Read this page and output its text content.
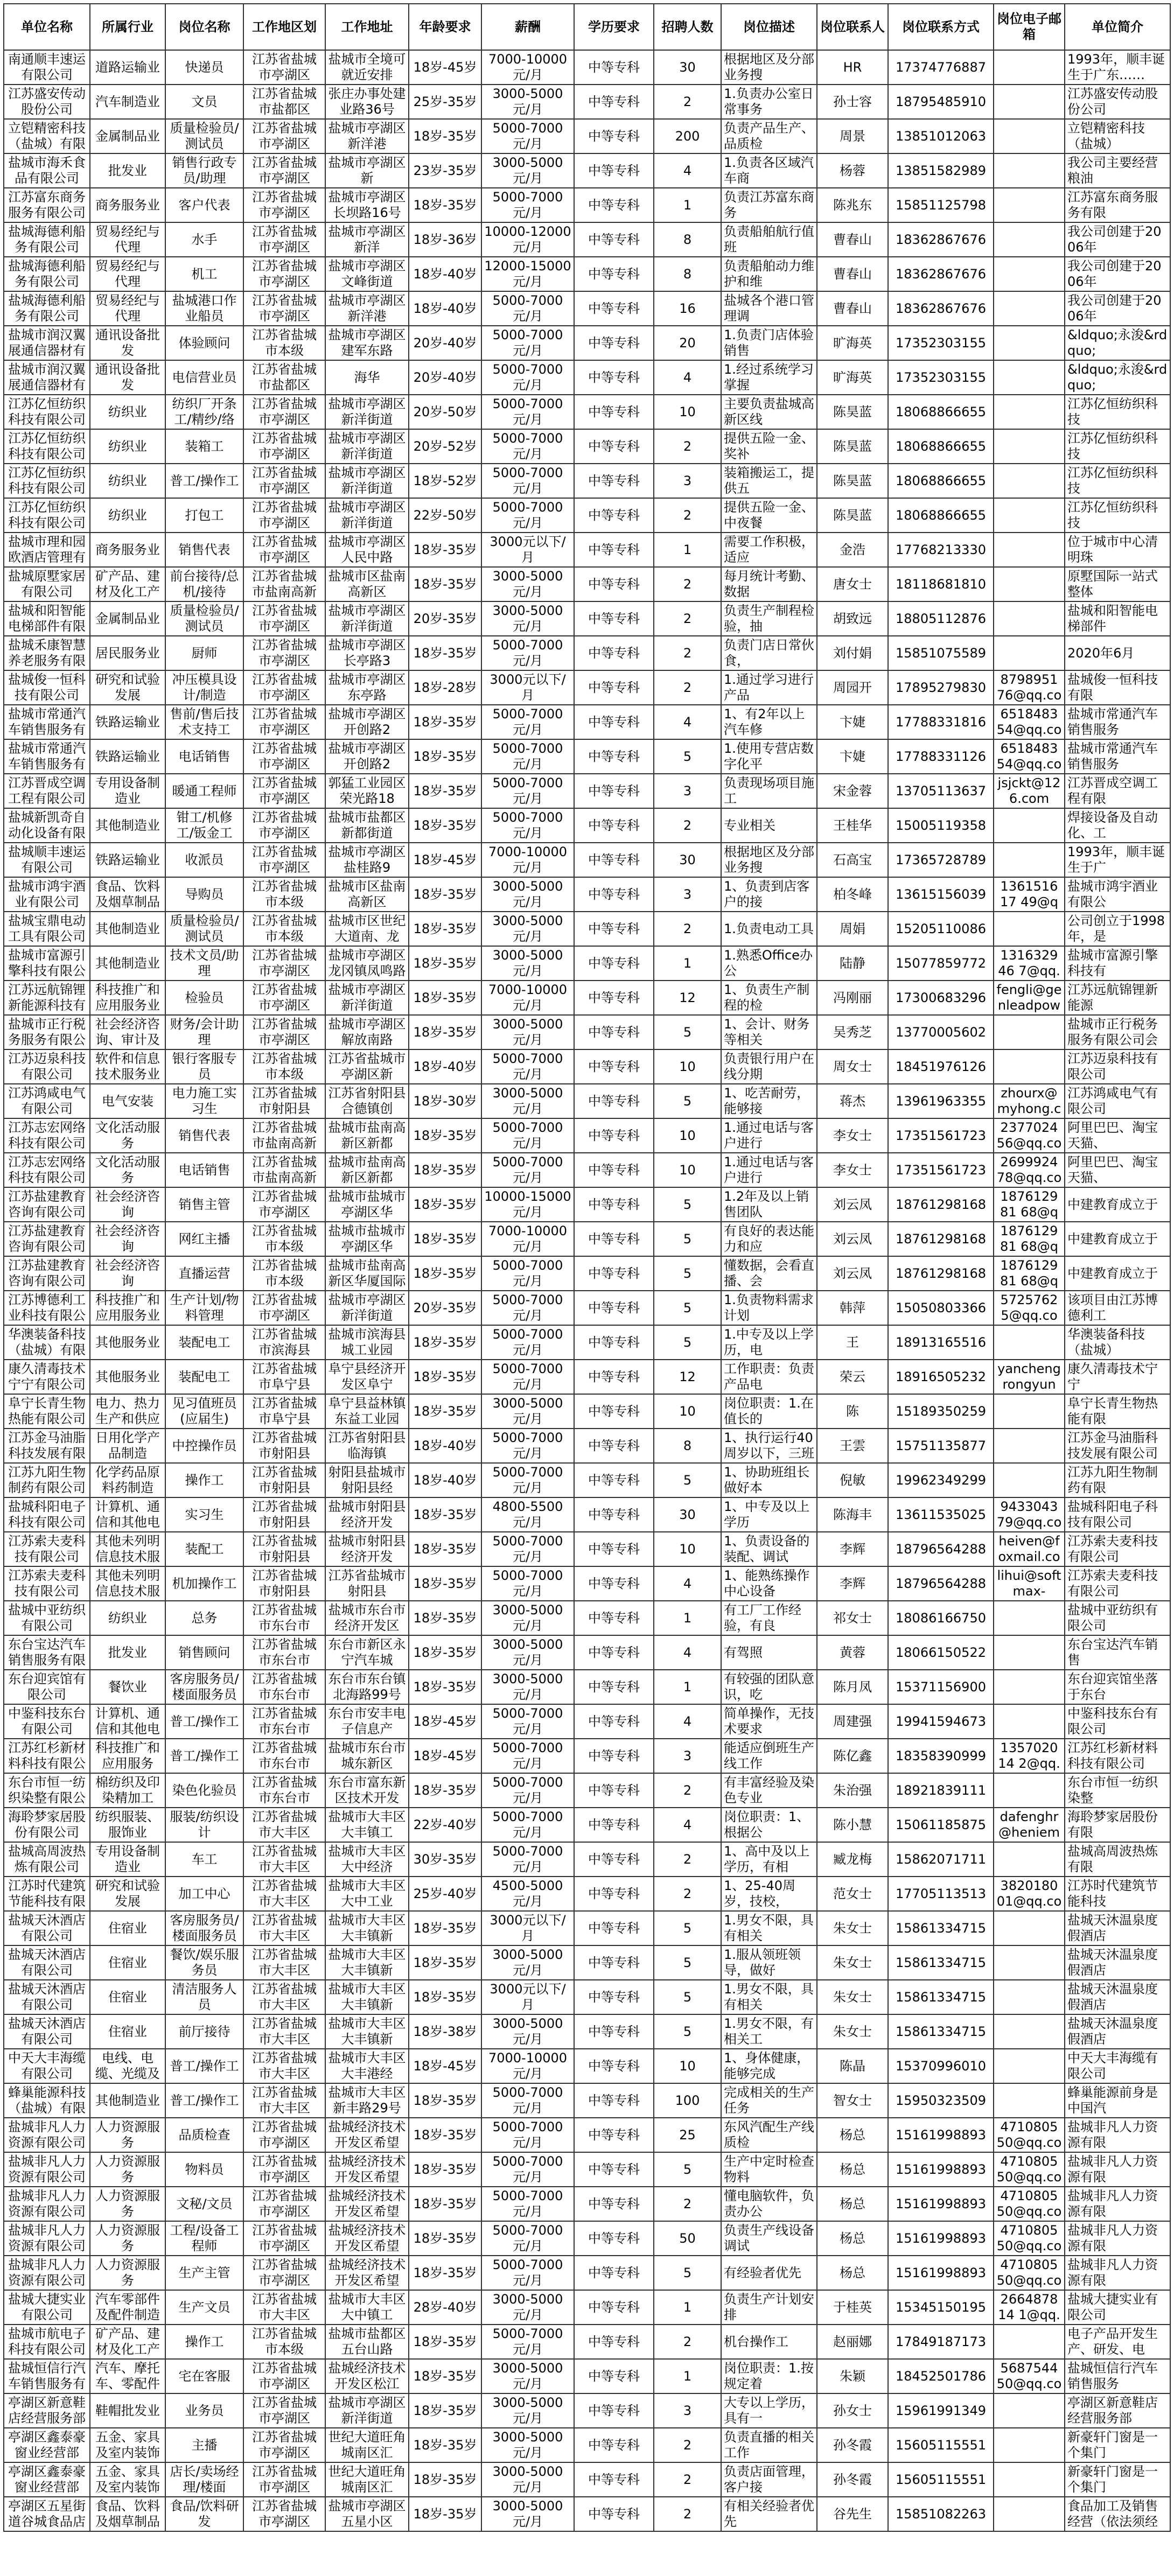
单位名称	所属行业	岗位名称	工作地区划	工作地址	年龄要求	薪酬	学历要求	招聘人数	岗位描述	岗位联系人	岗位联系方式	岗位电子邮箱	单位简介

南通顺丰速运有限公司	道路运输业	快递员	江苏省盐城市亭湖区	盐城市全境可就近安排	18岁-45岁	7000-10000元/月	中等专科	30	根据地区及分部业务搜	HR	17374776887		1993年，顺丰诞生于广东……

江苏盛安传动股份公司	汽车制造业	文员	江苏省盐城市盐都区	张庄办事处建业路36号	25岁-35岁	3000-5000元/月	中等专科	2	1.负责办公室日常事务	孙士容	18795485910		江苏盛安传动股份公司

立铠精密科技（盐城）有限	金属制品业	质量检验员/测试员	江苏省盐城市亭湖区	盐城市亭湖区新洋港	18岁-35岁	5000-7000元/月	中等专科	200	负责产品生产、品质检	周景	13851012063		立铠精密科技（盐城）

盐城市海禾食品有限公司	批发业	销售行政专员/助理	江苏省盐城市亭湖区	盐城市亭湖区新	23岁-35岁	3000-5000元/月	中等专科	4	1.负责各区域汽车商	杨蓉	13851582989		我公司主要经营粮油

江苏富东商务服务有限公司	商务服务业	客户代表	江苏省盐城市亭湖区	盐城市亭湖区长坝路16号	18岁-35岁	5000-7000元/月	中等专科	1	负责江苏富东商务	陈兆东	15851125798		江苏富东商务服务有限

盐城海德利船务有限公司	贸易经纪与代理	水手	江苏省盐城市亭湖区	盐城市亭湖区新洋	18岁-36岁	10000-12000元/月	中等专科	8	负责船舶航行值班	曹春山	18362867676		我公司创建于2006年

盐城海德利船务有限公司	贸易经纪与代理	机工	江苏省盐城市亭湖区	盐城市亭湖区文峰街道	18岁-40岁	12000-15000元/月	中等专科	8	负责船舶动力维护和维	曹春山	18362867676		我公司创建于2006年

盐城海德利船务有限公司	贸易经纪与代理	盐城港口作业船员	江苏省盐城市亭湖区	盐城市亭湖区新洋港	18岁-40岁	5000-7000元/月	中等专科	16	盐城各个港口管理调	曹春山	18362867676		我公司创建于2006年

盐城市润汉翼展通信器材有	通讯设备批发	体验顾问	江苏省盐城市本级	盐城市亭湖区建军东路	20岁-40岁	5000-7000元/月	中等专科	20	1.负责门店体验销售	旷海英	17352303155		&ldquo;永浚&rdquo;

盐城市润汉翼展通信器材有	通讯设备批发	电信营业员	江苏省盐城市盐都区	海华	20岁-40岁	5000-7000元/月	中等专科	4	1.经过系统学习掌握	旷海英	17352303155		&ldquo;永浚&rdquo;

江苏亿恒纺织科技有限公司	纺织业	纺织厂开条工/精纱/络	江苏省盐城市亭湖区	盐城市亭湖区新洋街道	20岁-50岁	5000-7000元/月	中等专科	10	主要负责盐城高新区线	陈昊蓝	18068866655		江苏亿恒纺织科技

江苏亿恒纺织科技有限公司	纺织业	装箱工	江苏省盐城市亭湖区	盐城市亭湖区新洋街道	20岁-52岁	5000-7000元/月	中等专科	2	提供五险一金、奖补	陈昊蓝	18068866655		江苏亿恒纺织科技

江苏亿恒纺织科技有限公司	纺织业	普工/操作工	江苏省盐城市亭湖区	盐城市亭湖区新洋街道	18岁-52岁	5000-7000元/月	中等专科	3	装箱搬运工，提供五	陈昊蓝	18068866655		江苏亿恒纺织科技

江苏亿恒纺织科技有限公司	纺织业	打包工	江苏省盐城市亭湖区	盐城市亭湖区新洋街道	22岁-50岁	5000-7000元/月	中等专科	2	提供五险一金、中夜餐	陈昊蓝	18068866655		江苏亿恒纺织科技

盐城市理和园欧酒店管理有	商务服务业	销售代表	江苏省盐城市亭湖区	盐城市亭湖区人民中路	18岁-35岁	3000元以下/月	中等专科	1	需要工作积极，适应	金浩	17768213330		位于城市中心清明珠

盐城原墅家居有限公司	矿产品、建材及化工产	前台接待/总机/接待	江苏省盐城市盐南高新	盐城市区盐南高新区	18岁-35岁	3000-5000元/月	中等专科	2	每月统计考勤、数据	唐女士	18118681810		原墅国际一站式整体

盐城和阳智能电梯部件有限	金属制品业	质量检验员/测试员	江苏省盐城市亭湖区	盐城市亭湖区新洋街道	20岁-35岁	3000-5000元/月	中等专科	2	负责生产制程检验，抽	胡致远	18805112876		盐城和阳智能电梯部件

盐城禾康智慧养老服务有限	居民服务业	厨师	江苏省盐城市亭湖区	盐城市亭湖区长亭路3	18岁-35岁	5000-7000元/月	中等专科	2	负责门店日常伙食，	刘付娟	15851075589		2020年6月

盐城俊一恒科技有限公司	研究和试验发展	冲压模具设计/制造	江苏省盐城市亭湖区	盐城市亭湖区东亭路	18岁-28岁	3000元以下/月	中等专科	2	1.通过学习进行产品	周园开	17895279830	879895176@qq.co	盐城俊一恒科技有限

盐城市常通汽车销售服务有	铁路运输业	售前/售后技术支持工	江苏省盐城市亭湖区	盐城市亭湖区开创路2	18岁-35岁	5000-7000元/月	中等专科	4	1、有2年以上汽车修	卞婕	17788331816	651848354@qq.co	盐城市常通汽车销售服务

盐城市常通汽车销售服务有	铁路运输业	电话销售	江苏省盐城市亭湖区	盐城市亭湖区开创路2	18岁-35岁	5000-7000元/月	中等专科	5	1.使用专营店数字化平	卞婕	17788331126	651848354@qq.co	盐城市常通汽车销售服务

江苏晋成空调工程有限公司	专用设备制造业	暖通工程师	江苏省盐城市亭湖区	郭猛工业园区荣光路18	18岁-35岁	5000-7000元/月	中等专科	3	负责现场项目施工	宋金蓉	13705113637	jsjckt@126.com	江苏晋成空调工程有限

盐城新凯奇自动化设备有限	其他制造业	钳工/机修工/钣金工	江苏省盐城市亭湖区	盐城市盐都区新都街道	18岁-35岁	5000-7000元/月	中等专科	2	专业相关	王桂华	15005119358		焊接设备及自动化、工

盐城顺丰速运有限公司	铁路运输业	收派员	江苏省盐城市亭湖区	盐城市亭湖区盐桂路9	18岁-45岁	7000-10000元/月	中等专科	30	根据地区及分部业务搜	石高宝	17365728789		1993年，顺丰诞生于广

盐城市鸿宇酒业有限公司	食品、饮料及烟草制品	导购员	江苏省盐城市本级	盐城市区盐南高新区	18岁-35岁	3000-5000元/月	中等专科	3	1、负责到店客户的接	柏冬峰	13615156039	136151617 49@q	盐城市鸿宇酒业有限公

盐城宝鼎电动工具有限公司	其他制造业	质量检验员/测试员	江苏省盐城市本级	盐城市区世纪大道南、龙	18岁-35岁	3000-5000元/月	中等专科	2	1.负责电动工具	周娟	15205110086		公司创立于1998年，是

盐城市富源引擎科技有限公	其他制造业	技术文员/助理	江苏省盐城市亭湖区	盐城市亭湖区龙冈镇凤鸣路	18岁-35岁	3000-5000元/月	中等专科	1	1.熟悉Office办公	陆静	15077859772	131632946 7@qq.	盐城市富源引擎科技有

江苏远航锦锂新能源科技有	科技推广和应用服务业	检验员	江苏省盐城市亭湖区	盐城市亭湖区新洋街道	18岁-35岁	7000-10000元/月	中等专科	12	1、负责生产制程的检	冯刚丽	17300683296	fengli@genleadpow	江苏远航锦锂新能源

盐城市正行税务服务有限公	社会经济咨询、审计及	财务/会计助理	江苏省盐城市亭湖区	盐城市亭湖区解放南路	18岁-35岁	3000-5000元/月	中等专科	5	1、会计、财务等相关	吴秀芝	13770005602		盐城市正行税务服务有限公司会

江苏迈泉科技有限公司	软件和信息技术服务业	银行客服专员	江苏省盐城市本级	江苏省盐城市亭湖区新	18岁-40岁	5000-7000元/月	中等专科	10	负责银行用户在线分期	周女士	18451976126		江苏迈泉科技有限公司

江苏鸿咸电气有限公司	电气安装	电力施工实习生	江苏省盐城市射阳县	江苏省射阳县合德镇创	18岁-30岁	3000-5000元/月	中等专科	5	1、吃苦耐劳，能够接	蒋杰	13961963355	zhourx@myhong.c	江苏鸿咸电气有限公司

江苏志宏网络科技有限公司	文化活动服务	销售代表	江苏省盐城市盐南高新	盐城市盐南高新区新都	18岁-35岁	5000-7000元/月	中等专科	10	1.通过电话与客户进行	李女士	17351561723	237702456@qq.co	阿里巴巴、淘宝天猫、

江苏志宏网络科技有限公司	文化活动服务	电话销售	江苏省盐城市盐南高新	盐城市盐南高新区新都	18岁-35岁	5000-7000元/月	中等专科	10	1.通过电话与客户进行	李女士	17351561723	269992478@qq.co	阿里巴巴、淘宝天猫、

江苏盐建教育咨询有限公司	社会经济咨询	销售主管	江苏省盐城市亭湖区	盐城市盐城市亭湖区华	18岁-35岁	10000-15000元/月	中等专科	5	1.2年及以上销售团队	刘云凤	18761298168	187612981 68@q	中建教育成立于

江苏盐建教育咨询有限公司	社会经济咨询	网红主播	江苏省盐城市本级	盐城市盐城市亭湖区华	18岁-35岁	7000-10000元/月	中等专科	5	有良好的表达能力和应	刘云凤	18761298168	187612981 68@q	中建教育成立于

江苏盐建教育咨询有限公司	社会经济咨询	直播运营	江苏省盐城市本级	盐城市盐南高新区华厦国际	18岁-35岁	5000-7000元/月	中等专科	5	懂数据，会看直播、会	刘云凤	18761298168	187612981 68@q	中建教育成立于

江苏博德利工业科技有限公	科技推广和应用服务业	生产计划/物料管理	江苏省盐城市亭湖区	盐城市亭湖区新洋街道	20岁-35岁	5000-7000元/月	中等专科	5	1.负责物料需求计划	韩萍	15050803366	57257625@qq.co	该项目由江苏博德利工

华澳装备科技（盐城）有限	其他服务业	装配电工	江苏省盐城市滨海县	盐城市滨海县城工业园	18岁-35岁	5000-7000元/月	中等专科	5	1.中专及以上学历，电	王	18913165516		华澳装备科技（盐城）

康久清毒技术宁宁有限公司	其他服务业	装配电工	江苏省盐城市阜宁县	阜宁县经济开发区阜宁	18岁-35岁	5000-7000元/月	中等专科	12	工作职责：负责产品电	荣云	18916505232	yanchengrongyun	康久清毒技术宁宁

阜宁长青生物热能有限公司	电力、热力生产和供应	见习值班员(应届生)	江苏省盐城市阜宁县	阜宁县益林镇东益工业园	18岁-35岁	3000-5000元/月	中等专科	10	岗位职责：1.在值长的	陈	15189350259		阜宁长青生物热能有限

江苏金马油脂科技发展有限	日用化学产品制造	中控操作员	江苏省盐城市射阳县	江苏省射阳县临海镇	18岁-40岁	5000-7000元/月	中等专科	8	1、执行运行40周岁以下，三班	王雲	15751135877		江苏金马油脂科技发展有限公司

江苏九阳生物制药有限公司	化学药品原料药制造	操作工	江苏省盐城市射阳县	射阳县盐城市射阳县经	18岁-40岁	5000-7000元/月	中等专科	5	1、协助班组长做好本	倪敏	19962349299		江苏九阳生物制药有限

盐城科阳电子科技有限公司	计算机、通信和其他电	实习生	江苏省盐城市射阳县	盐城市射阳县经济开发	18岁-35岁	4800-5500元/月	中等专科	30	1、中专及以上学历	陈海丰	13611535025	943304379@qq.co	盐城科阳电子科技有限公司

江苏索夫麦科技有限公司	其他未列明信息技术服	装配工	江苏省盐城市射阳县	盐城市射阳县经济开发	18岁-35岁	5000-7000元/月	中等专科	10	1、负责设备的装配、调试	李辉	18796564288	heiven@foxmail.co	江苏索夫麦科技有限公司

江苏索夫麦科技有限公司	其他未列明信息技术服	机加操作工	江苏省盐城市射阳县	江苏省盐城市射阳县	18岁-35岁	5000-7000元/月	中等专科	4	1、能熟练操作中心设备	李辉	18796564288	lihui@softmax-	江苏索夫麦科技有限公司

盐城中亚纺织有限公司	纺织业	总务	江苏省盐城市东台市	盐城市东台市经济开发区	18岁-35岁	3000-5000元/月	中等专科	1	有工厂工作经验，有良	祁女士	18086166750		盐城中亚纺织有限公司

东台宝达汽车销售服务有限	批发业	销售顾问	江苏省盐城市东台市	东台市新区永宁汽车城	18岁-35岁	3000-5000元/月	中等专科	4	有驾照	黄蓉	18066150522		东台宝达汽车销售

东台迎宾馆有限公司	餐饮业	客房服务员/楼面服务员	江苏省盐城市东台市	东台市东台镇北海路99号	18岁-35岁	3000-5000元/月	中等专科	1	有较强的团队意识，吃	陈月凤	15371156900		东台迎宾馆坐落于东台

中鉴科技东台有限公司	计算机、通信和其他电	普工/操作工	江苏省盐城市东台市	东台市安丰电子信息产	18岁-45岁	5000-7000元/月	中等专科	4	简单操作，无技术要求	周建强	19941594673		中鉴科技东台有限公司

江苏红杉新材料科技有限公	科技推广和应用服务	普工/操作工	江苏省盐城市东台市	盐城市东台市城东新区	18岁-45岁	5000-7000元/月	中等专科	3	能适应倒班生产线工作	陈亿鑫	18358390999	135702014 2@qq.	江苏红杉新材料科技有限公司

东台市恒一纺织染整有限公	棉纺织及印染精加工	染色化验员	江苏省盐城市东台市	东台市富东新区技术开发	18岁-35岁	5000-7000元/月	中等专科	2	有丰富经验及染色专业	朱治强	18921839111		东台市恒一纺织染整

海聆梦家居股份有限公司	纺织服装、服饰业	服装/纺织设计	江苏省盐城市大丰区	盐城市大丰区大丰镇工	22岁-40岁	5000-7000元/月	中等专科	4	岗位职责：1、根据公	陈小慧	15061185875	dafenghr@heniem	海聆梦家居股份有限

盐城高周波热炼有限公司	专用设备制造业	车工	江苏省盐城市大丰区	盐城市大丰区大中经济	30岁-35岁	5000-7000元/月	中等专科	2	1、高中及以上学历，有相	臧龙梅	15862071711		盐城高周波热炼有限

江苏时代建筑节能科技有限	研究和试验发展	加工中心	江苏省盐城市大丰区	盐城市大丰区大中工业	25岁-40岁	4500-5000元/月	中等专科	2	1、25-40周岁，技校，	范女士	17705113513	382018001@qq.co	江苏时代建筑节能科技

盐城天沐酒店有限公司	住宿业	客房服务员/楼面服务员	江苏省盐城市大丰区	盐城市大丰区大丰镇新	18岁-35岁	3000元以下/月	中等专科	5	1.男女不限，具有相关	朱女士	15861334715		盐城天沐温泉度假酒店

盐城天沐酒店有限公司	住宿业	餐饮/娱乐服务员	江苏省盐城市大丰区	盐城市大丰区大丰镇新	18岁-35岁	3000-5000元/月	中等专科	5	1.服从领班领导，做好	朱女士	15861334715		盐城天沐温泉度假酒店

盐城天沐酒店有限公司	住宿业	清洁服务人员	江苏省盐城市大丰区	盐城市大丰区大丰镇新	18岁-35岁	3000元以下/月	中等专科	5	1.男女不限，具有相关	朱女士	15861334715		盐城天沐温泉度假酒店

盐城天沐酒店有限公司	住宿业	前厅接待	江苏省盐城市大丰区	盐城市大丰区大丰镇新	18岁-38岁	3000-5000元/月	中等专科	5	1.男女不限，有相关工	朱女士	15861334715		盐城天沐温泉度假酒店

中天大丰海缆有限公司	电线、电缆、光缆及	普工/操作工	江苏省盐城市大丰区	盐城市大丰区大丰港经	18岁-45岁	7000-10000元/月	中等专科	10	1、身体健康，能够完成	陈晶	15370996010		中天大丰海缆有限公司

蜂巢能源科技（盐城）有限	其他制造业	普工/操作工	江苏省盐城市大丰区	盐城市大丰区新丰路29号	18岁-35岁	5000-7000元/月	中等专科	100	完成相关的生产任务	智女士	15950323509		蜂巢能源前身是中国汽

盐城非凡人力资源有限公司	人力资源服务	品质检查	江苏省盐城市亭湖区	盐城经济技术开发区希望	18岁-35岁	5000-7000元/月	中等专科	25	东风汽配生产线质检	杨总	15161998893	471080550@qq.co	盐城非凡人力资源有限

盐城非凡人力资源有限公司	人力资源服务	物料员	江苏省盐城市亭湖区	盐城经济技术开发区希望	18岁-35岁	5000-7000元/月	中等专科	5	生产中定时检查物料	杨总	15161998893	471080550@qq.co	盐城非凡人力资源有限

盐城非凡人力资源有限公司	人力资源服务	文秘/文员	江苏省盐城市亭湖区	盐城经济技术开发区希望	18岁-35岁	5000-7000元/月	中等专科	2	懂电脑软件，负责办公	杨总	15161998893	471080550@qq.co	盐城非凡人力资源有限

盐城非凡人力资源有限公司	人力资源服务	工程/设备工程师	江苏省盐城市亭湖区	盐城经济技术开发区希望	18岁-35岁	5000-7000元/月	中等专科	50	负责生产线设备调试	杨总	15161998893	471080550@qq.co	盐城非凡人力资源有限

盐城非凡人力资源有限公司	人力资源服务	生产主管	江苏省盐城市亭湖区	盐城经济技术开发区希望	18岁-35岁	5000-7000元/月	中等专科	5	有经验者优先	杨总	15161998893	471080550@qq.co	盐城非凡人力资源有限

盐城大捷实业有限公司	汽车零部件及配件制造	生产文员	江苏省盐城市大丰区	盐城市大丰区大中镇工	28岁-40岁	3000-5000元/月	中等专科	1	负责生产计划安排	于桂英	15345150195	266487814 1@qq.	盐城大捷实业有限公司

盐城市航电子科技有限公司	矿产品、建材及化工产	操作工	江苏省盐城市本级	盐城市盐都区五台山路	18岁-35岁	5000-7000元/月	中等专科	2	机台操作工	赵丽娜	17849187173		电子产品开发生产、研发、电

盐城恒信行汽车销售服务有	汽车、摩托车、零配件	宅在客服	江苏省盐城市亭湖区	盐城经济技术开发区松江	18岁-35岁	3000-5000元/月	中等专科	1	岗位职责：1.按规定着	朱颖	18452501786	568754450@qq.co	盐城恒信行汽车销售服务

亭湖区新意鞋店经营服务部	鞋帽批发业	业务员	江苏省盐城市亭湖区	盐城市亭湖区新洋街道	18岁-35岁	3000-5000元/月	中等专科	3	大专以上学历，具有一	孙女士	15961991349		亭湖区新意鞋店经营服务部

亭湖区鑫泰豪窗业经营部	五金、家具及室内装饰	主播	江苏省盐城市亭湖区	世纪大道旺角城南区汇	18岁-35岁	3000-5000元/月	中等专科	2	负责直播的相关工作	孙冬霞	15605115551		新豪轩门窗是一个集门

亭湖区鑫泰豪窗业经营部	五金、家具及室内装饰	店长/卖场经理/楼面	江苏省盐城市亭湖区	世纪大道旺角城南区汇	18岁-35岁	3000-5000元/月	中等专科	2	负责店面管理，客户接	孙冬霞	15605115551		新豪轩门窗是一个集门

亭湖区五星街道谷城食品店	食品、饮料及烟草制品	食品/饮料研发	江苏省盐城市亭湖区	盐城市亭湖区五星小区	18岁-35岁	3000-5000元/月	中等专科	2	有相关经验者优先	谷先生	15851082263		食品加工及销售经营（依法须经
